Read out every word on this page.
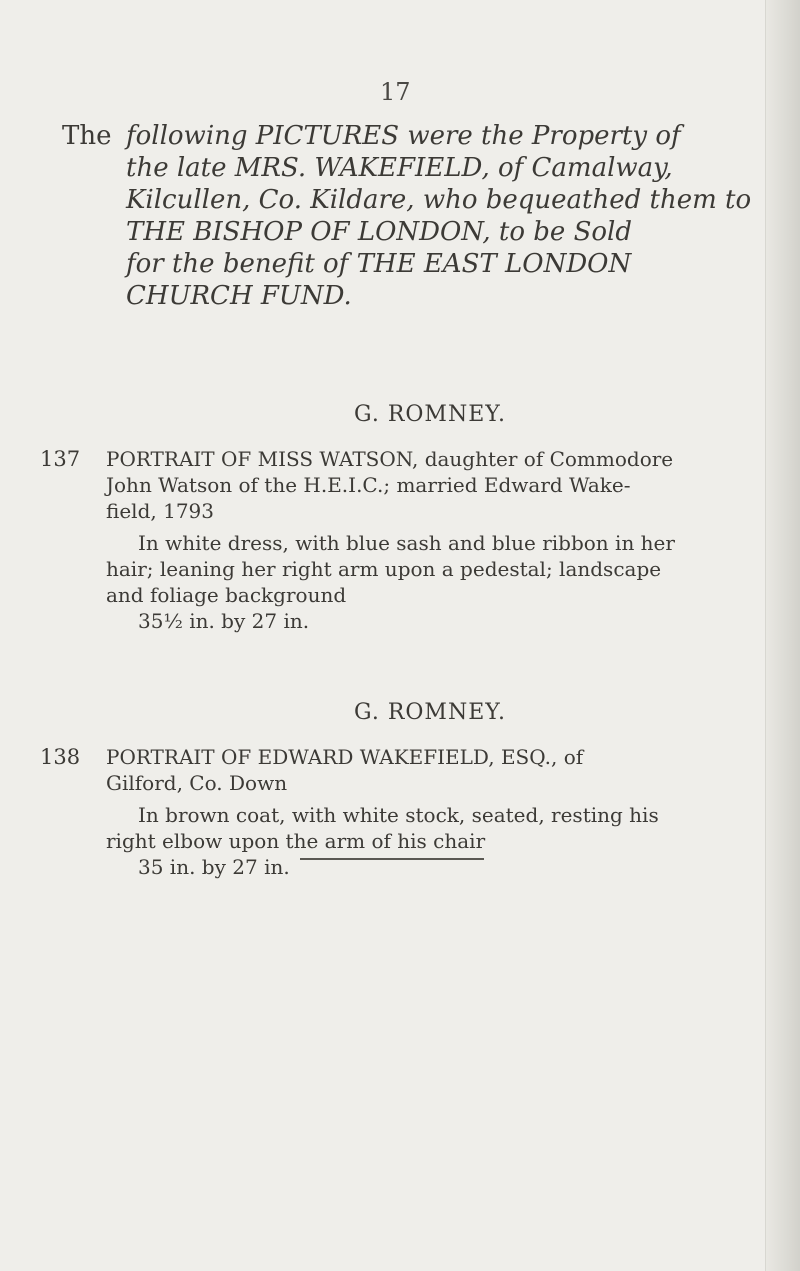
17
The following PICTURES were the Property of
the late MRS. WAKEFIELD, of Camalway,
Kilcullen, Co. Kildare, who bequeathed them to
THE BISHOP OF LONDON, to be Sold
for the benefit of THE EAST LONDON
CHURCH FUND.
G. ROMNEY.
137	PORTRAIT OF MISS WATSON, daughter of Commodore
John Watson of the H.E.I.C.; married Edward Wake-
field, 1793
In white dress, with blue sash and blue ribbon in her
hair; leaning her right arm upon a pedestal; landscape
and foliage background
35½ in. by 27 in.
G. ROMNEY.
138	PORTRAIT OF EDWARD WAKEFIELD, ESQ., of
Gilford, Co. Down
In brown coat, with white stock, seated, resting his
right elbow upon the arm of his chair
35 in. by 27 in.
